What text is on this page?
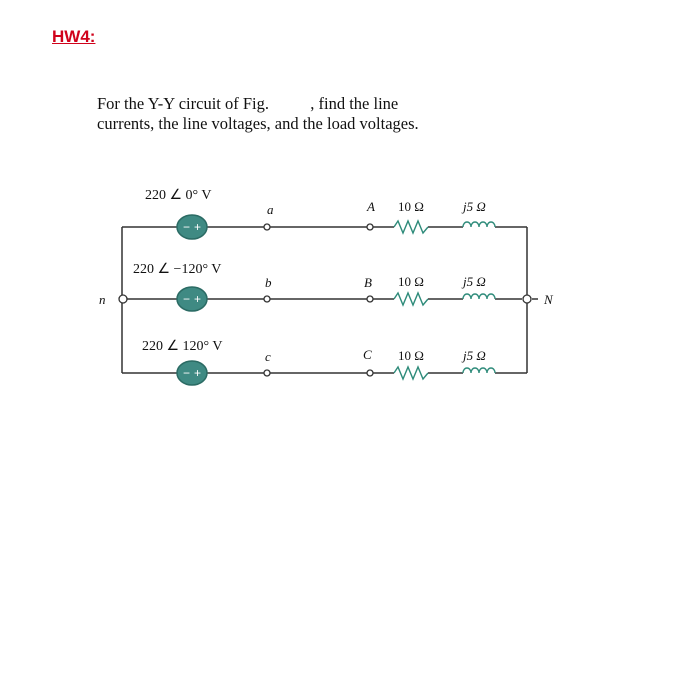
HW4:
For the Y-Y circuit of Fig.          , find the line
currents, the line voltages, and the load voltages.
− +
− +
− +
220 ∠ 0° V
220 ∠ −120° V
220 ∠ 120° V
a	A
b	B
c	C
n	N
10 Ω	j5 Ω
10 Ω	j5 Ω
10 Ω	j5 Ω
